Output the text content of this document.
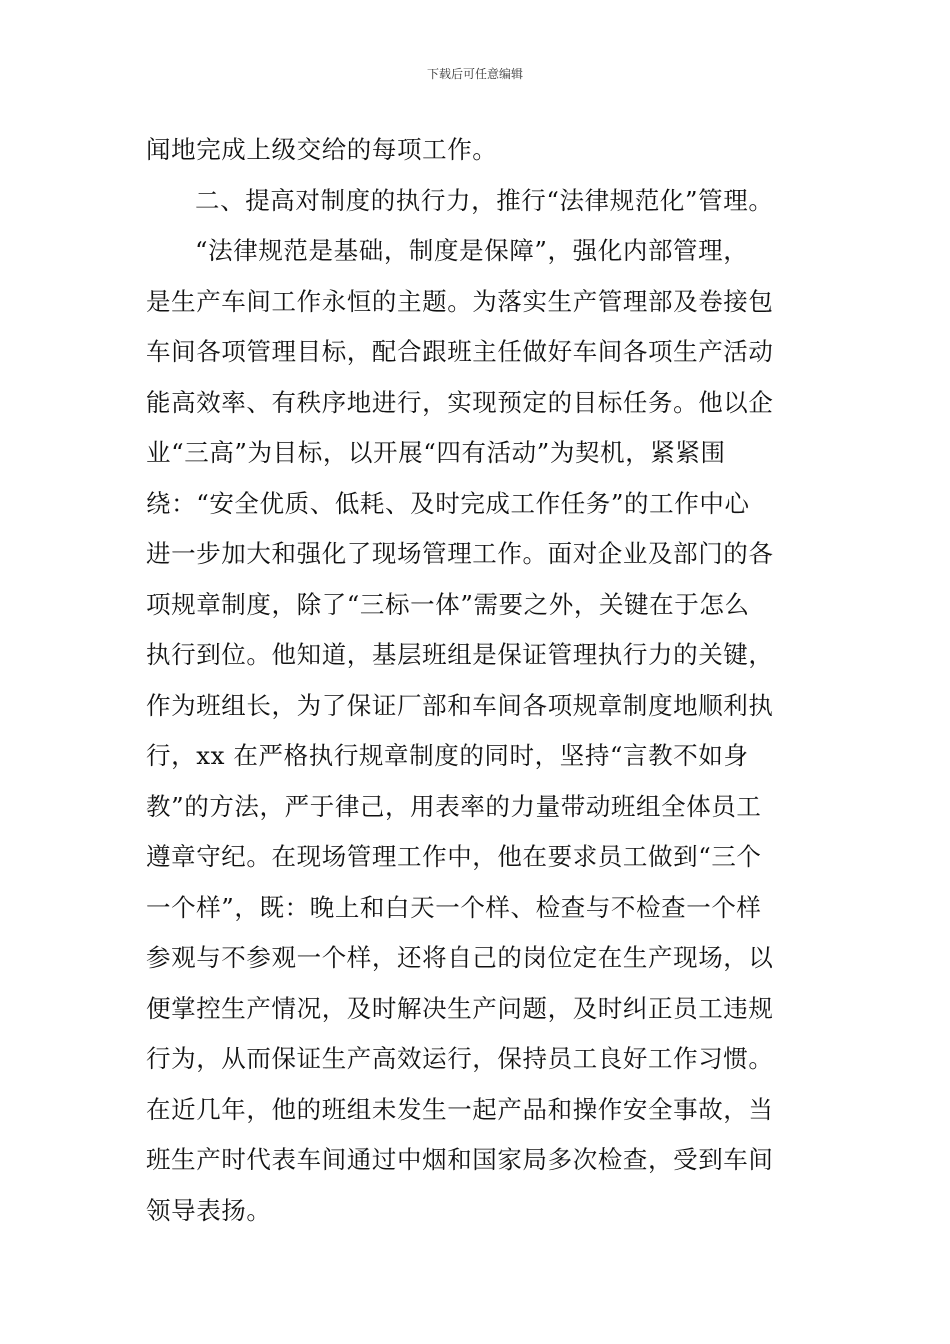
下载后可任意编辑
闻地完成上级交给的每项工作。
二、提高对制度的执行力，推行“法律规范化”管理。
“法律规范是基础，制度是保障”，强化内部管理，
是生产车间工作永恒的主题。为落实生产管理部及卷接包
车间各项管理目标，配合跟班主任做好车间各项生产活动
能高效率、有秩序地进行，实现预定的目标任务。他以企
业“三高”为目标，以开展“四有活动”为契机，紧紧围
绕：“安全优质、低耗、及时完成工作任务”的工作中心
进一步加大和强化了现场管理工作。面对企业及部门的各
项规章制度，除了“三标一体”需要之外，关键在于怎么
执行到位。他知道，基层班组是保证管理执行力的关键，
作为班组长，为了保证厂部和车间各项规章制度地顺利执
行，xx 在严格执行规章制度的同时，坚持“言教不如身
教”的方法，严于律己，用表率的力量带动班组全体员工
遵章守纪。在现场管理工作中，他在要求员工做到“三个
一个样”，既：晚上和白天一个样、检查与不检查一个样
参观与不参观一个样，还将自己的岗位定在生产现场，以
便掌控生产情况，及时解决生产问题，及时纠正员工违规
行为，从而保证生产高效运行，保持员工良好工作习惯。
在近几年，他的班组未发生一起产品和操作安全事故，当
班生产时代表车间通过中烟和国家局多次检查，受到车间
领导表扬。
